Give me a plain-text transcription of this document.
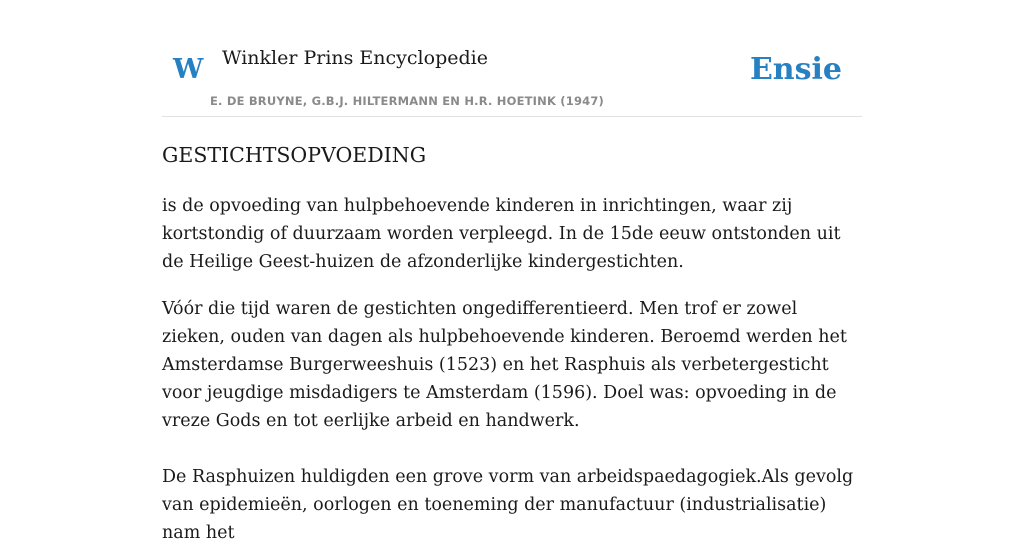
W Winkler Prins Encyclopedie
E. DE BRUYNE, G.B.J. HILTERMANN EN H.R. HOETINK (1947)
Ensie
GESTICHTSOPVOEDING

is de opvoeding van hulpbehoevende kinderen in inrichtingen, waar zij kortstondig of duurzaam worden verpleegd. In de 15de eeuw ontstonden uit de Heilige Geest-huizen de afzonderlijke kindergestichten.

Vóór die tijd waren de gestichten ongedifferentieerd. Men trof er zowel zieken, ouden van dagen als hulpbehoevende kinderen. Beroemd werden het Amsterdamse Burgerweeshuis (1523) en het Rasphuis als verbetergesticht voor jeugdige misdadigers te Amsterdam (1596). Doel was: opvoeding in de vreze Gods en tot eerlijke arbeid en handwerk.

De Rasphuizen huldigden een grove vorm van arbeidspaedagogiek.Als gevolg van epidemieën, oorlogen en toeneming der manufactuur (industrialisatie) nam het
